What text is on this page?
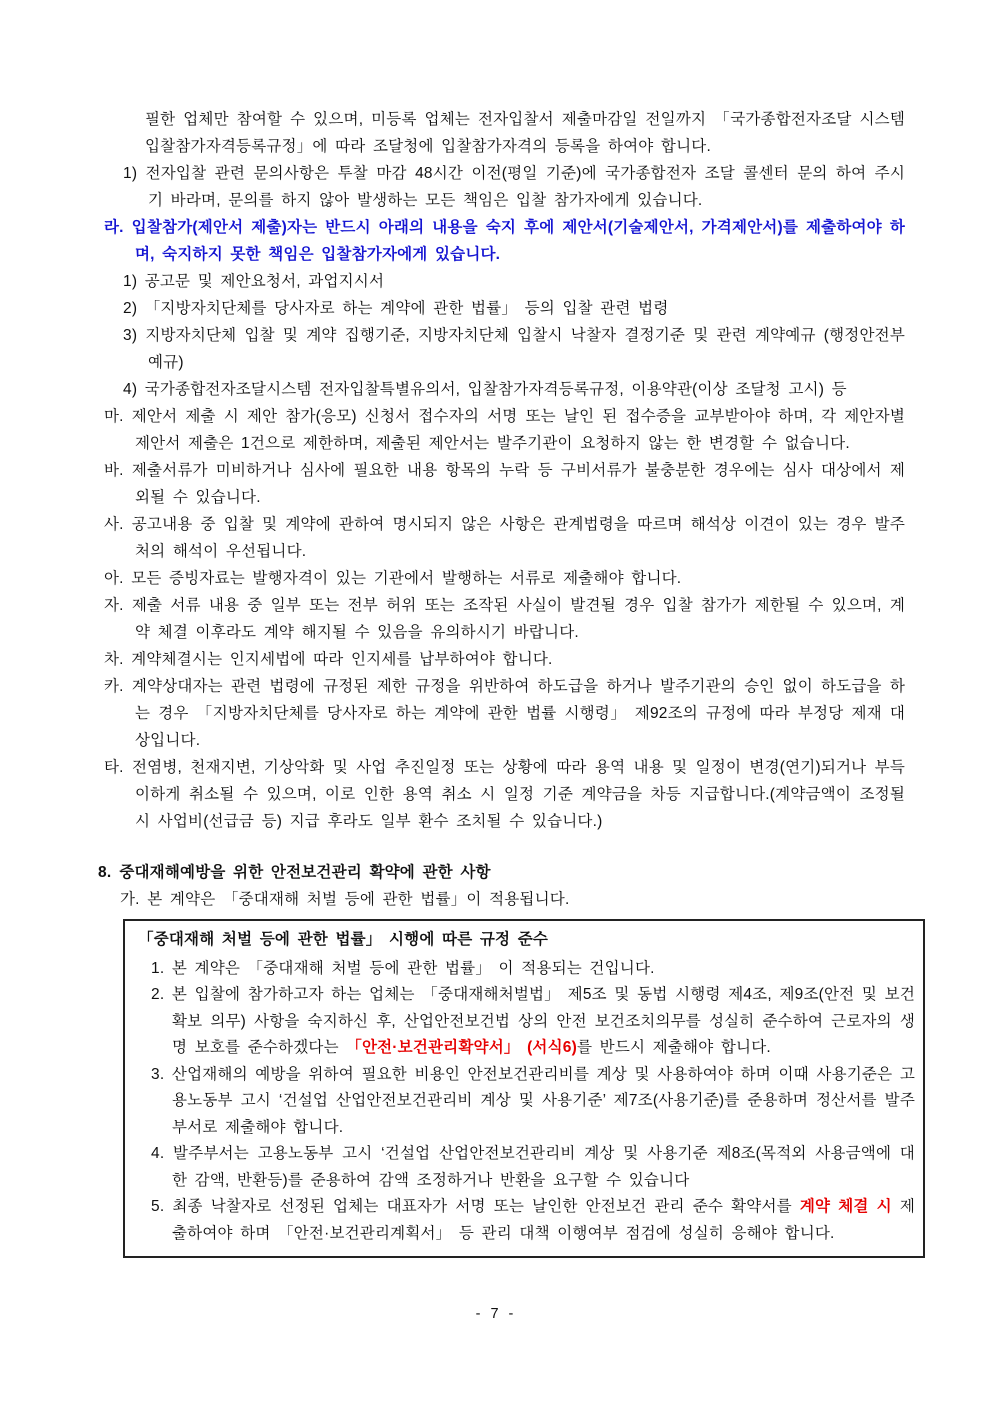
필한 업체만 참여할 수 있으며, 미등록 업체는 전자입찰서 제출마감일 전일까지 「국가종합전자조달 시스템 입찰참가자격등록규정」에 따라 조달청에 입찰참가자격의 등록을 하여야 합니다.
1) 전자입찰 관련 문의사항은 투찰 마감 48시간 이전(평일 기준)에 국가종합전자 조달 콜센터 문의 하여 주시기 바라며, 문의를 하지 않아 발생하는 모든 책임은 입찰 참가자에게 있습니다.
라. 입찰참가(제안서 제출)자는 반드시 아래의 내용을 숙지 후에 제안서(기술제안서, 가격제안서)를 제출하여야 하며, 숙지하지 못한 책임은 입찰참가자에게 있습니다.
1) 공고문 및 제안요청서, 과업지시서
2) 「지방자치단체를 당사자로 하는 계약에 관한 법률」 등의 입찰 관련 법령
3) 지방자치단체 입찰 및 계약 집행기준, 지방자치단체 입찰시 낙찰자 결정기준 및 관련 계약예규 (행정안전부 예규)
4) 국가종합전자조달시스템 전자입찰특별유의서, 입찰참가자격등록규정, 이용약관(이상 조달청 고시) 등
마. 제안서 제출 시 제안 참가(응모) 신청서 접수자의 서명 또는 날인 된 접수증을 교부받아야 하며, 각 제안자별 제안서 제출은 1건으로 제한하며, 제출된 제안서는 발주기관이 요청하지 않는 한 변경할 수 없습니다.
바. 제출서류가 미비하거나 심사에 필요한 내용 항목의 누락 등 구비서류가 불충분한 경우에는 심사 대상에서 제외될 수 있습니다.
사. 공고내용 중 입찰 및 계약에 관하여 명시되지 않은 사항은 관계법령을 따르며 해석상 이견이 있는 경우 발주처의 해석이 우선됩니다.
아. 모든 증빙자료는 발행자격이 있는 기관에서 발행하는 서류로 제출해야 합니다.
자. 제출 서류 내용 중 일부 또는 전부 허위 또는 조작된 사실이 발견될 경우 입찰 참가가 제한될 수 있으며, 계약 체결 이후라도 계약 해지될 수 있음을 유의하시기 바랍니다.
차. 계약체결시는 인지세법에 따라 인지세를 납부하여야 합니다.
카. 계약상대자는 관련 법령에 규정된 제한 규정을 위반하여 하도급을 하거나 발주기관의 승인 없이 하도급을 하는 경우 「지방자치단체를 당사자로 하는 계약에 관한 법률 시행령」 제92조의 규정에 따라 부정당 제재 대상입니다.
타. 전염병, 천재지변, 기상악화 및 사업 추진일정 또는 상황에 따라 용역 내용 및 일정이 변경(연기)되거나 부득이하게 취소될 수 있으며, 이로 인한 용역 취소 시 일정 기준 계약금을 차등 지급합니다.(계약금액이 조정될 시 사업비(선급금 등) 지급 후라도 일부 환수 조치될 수 있습니다.)
8. 중대재해예방을 위한 안전보건관리 확약에 관한 사항
가. 본 계약은 「중대재해 처벌 등에 관한 법률」이 적용됩니다.
「중대재해 처벌 등에 관한 법률」 시행에 따른 규정 준수
1. 본 계약은 「중대재해 처벌 등에 관한 법률」 이 적용되는 건입니다.
2. 본 입찰에 참가하고자 하는 업체는 「중대재해처벌법」 제5조 및 동법 시행령 제4조, 제9조(안전 및 보건 확보 의무) 사항을 숙지하신 후, 산업안전보건법 상의 안전 보건조치의무를 성실히 준수하여 근로자의 생명 보호를 준수하겠다는 「안전·보건관리확약서」 (서식6)를 반드시 제출해야 합니다.
3. 산업재해의 예방을 위하여 필요한 비용인 안전보건관리비를 계상 및 사용하여야 하며 이때 사용기준은 고용노동부 고시 ‘건설업 산업안전보건관리비 계상 및 사용기준’ 제7조(사용기준)를 준용하며 정산서를 발주부서로 제출해야 합니다.
4. 발주부서는 고용노동부 고시 ‘건설업 산업안전보건관리비 계상 및 사용기준 제8조(목적외 사용금액에 대한 감액, 반환등)를 준용하여 감액 조정하거나 반환을 요구할 수 있습니다
5. 최종 낙찰자로 선정된 업체는 대표자가 서명 또는 날인한 안전보건 관리 준수 확약서를 계약 체결 시 제출하여야 하며 「안전·보건관리계획서」 등 관리 대책 이행여부 점검에 성실히 응해야 합니다.
- 7 -
